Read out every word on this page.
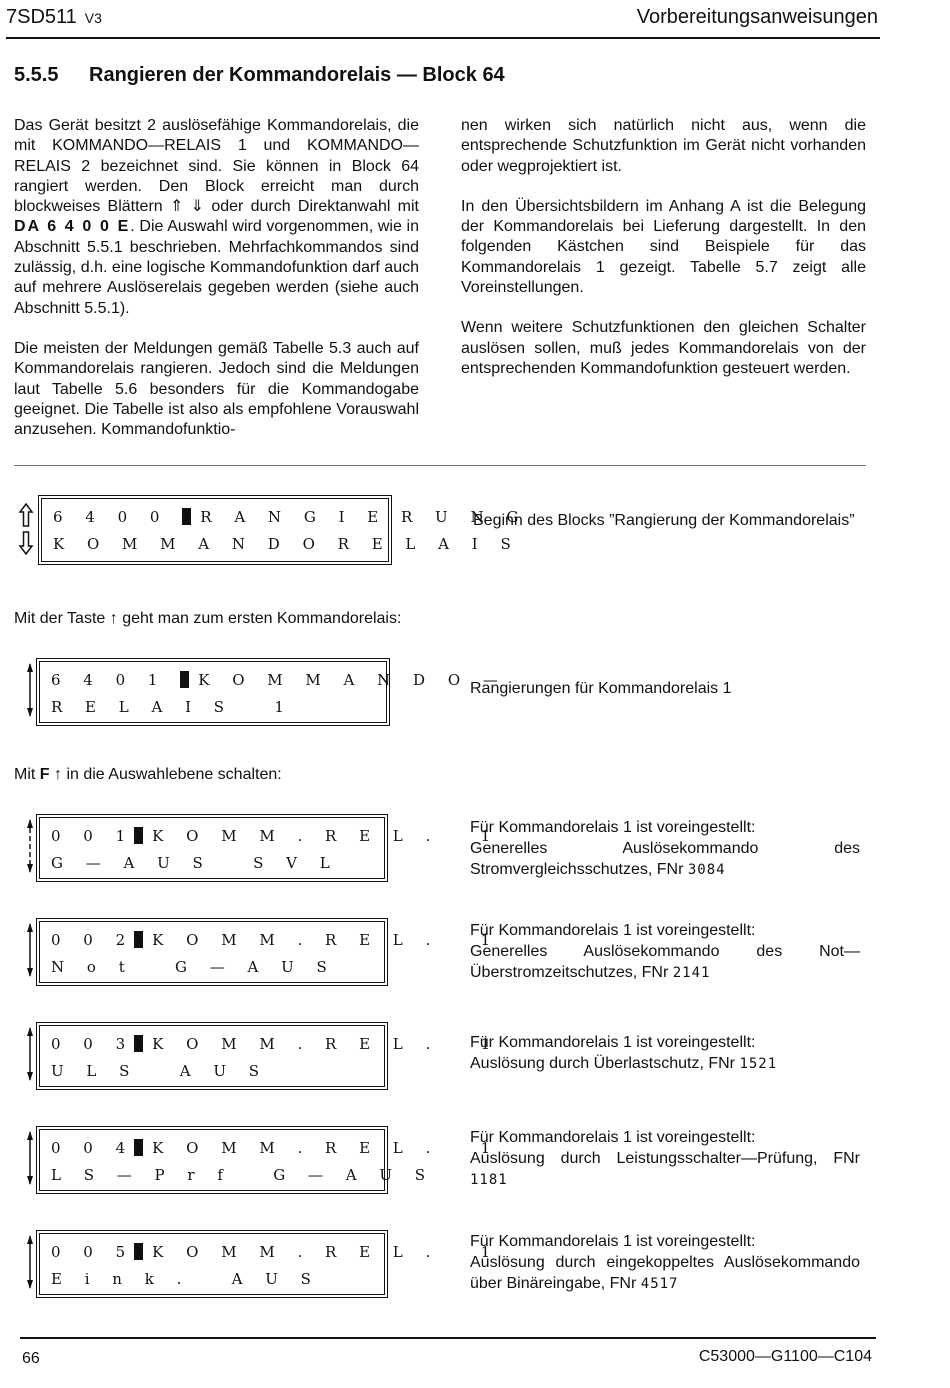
7SD511 V3	Vorbereitungsanweisungen
5.5.5 Rangieren der Kommandorelais — Block 64

Das Gerät besitzt 2 auslösefähige Kommandorelais, die mit KOMMANDO—RELAIS 1 und KOMMANDO—RELAIS 2 bezeichnet sind. Sie können in Block 64 rangiert werden. Den Block erreicht man durch blockweises Blättern ⇑ ⇓ oder durch Direktanwahl mit DA 6 4 0 0 E. Die Auswahl wird vorgenommen, wie in Abschnitt 5.5.1 beschrieben. Mehrfachkommandos sind zulässig, d.h. eine logische Kommandofunktion darf auch auf mehrere Auslöserelais gegeben werden (siehe auch Abschnitt 5.5.1).

Die meisten der Meldungen gemäß Tabelle 5.3 auch auf Kommandorelais rangieren. Jedoch sind die Meldungen laut Tabelle 5.6 besonders für die Kommandogabe geeignet. Die Tabelle ist also als empfohlene Vorauswahl anzusehen. Kommandofunktio-

nen wirken sich natürlich nicht aus, wenn die entsprechende Schutzfunktion im Gerät nicht vorhanden oder wegprojektiert ist.

In den Übersichtsbildern im Anhang A ist die Belegung der Kommandorelais bei Lieferung dargestellt. In den folgenden Kästchen sind Beispiele für das Kommandorelais 1 gezeigt. Tabelle 5.7 zeigt alle Voreinstellungen.

Wenn weitere Schutzfunktionen den gleichen Schalter auslösen sollen, muß jedes Kommandorelais von der entsprechenden Kommandofunktion gesteuert werden.

6 4 0 0 R A N G I E R U N G
K O M M A N D O R E L A I S
Beginn des Blocks ”Rangierung der Kommandorelais”
Mit der Taste ↑ geht man zum ersten Kommandorelais:
6 4 0 1 K O M M A N D O —
R E L A I S   1
Rangierungen für Kommandorelais 1
Mit F ↑ in die Auswahlebene schalten:
0 0 1 K O M M . R E L .   1
G — A U S   S V L
Für Kommandorelais 1 ist voreingestellt:
Generelles Auslösekommando des Stromvergleichsschutzes, FNr 3084
0 0 2 K O M M . R E L .   1
N o t   G — A U S
Für Kommandorelais 1 ist voreingestellt:
Generelles Auslösekommando des Not—Überstromzeitschutzes, FNr 2141
0 0 3 K O M M . R E L .   1
U L S   A U S
Für Kommandorelais 1 ist voreingestellt:
Auslösung durch Überlastschutz, FNr 1521
0 0 4 K O M M . R E L .   1
L S — P r f   G — A U S
Für Kommandorelais 1 ist voreingestellt:
Auslösung durch Leistungsschalter—Prüfung, FNr 1181
0 0 5 K O M M . R E L .   1
E i n k .   A U S
Für Kommandorelais 1 ist voreingestellt:
Auslösung durch eingekoppeltes Auslösekommando über Binäreingabe, FNr 4517
66	C53000—G1100—C104
